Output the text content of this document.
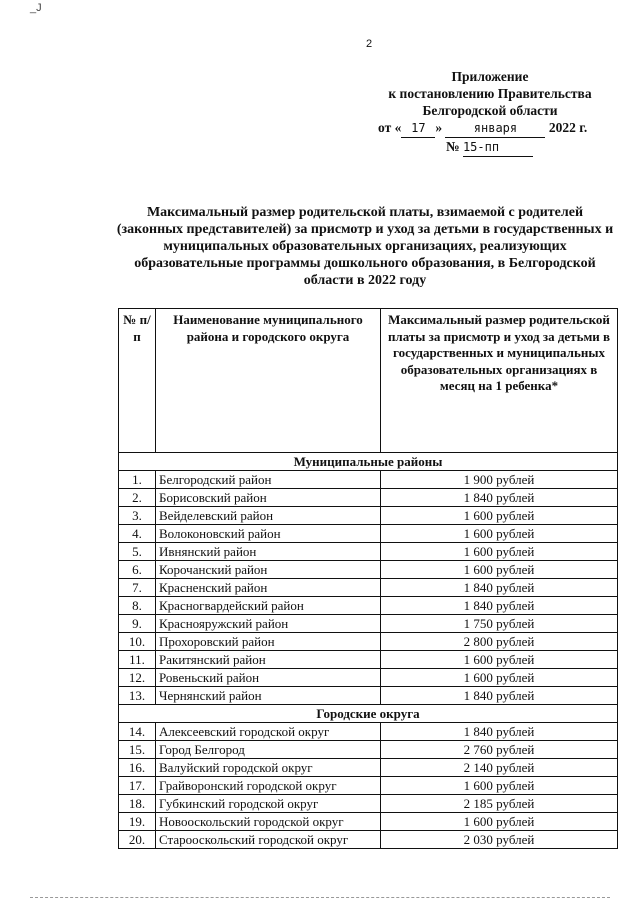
_J
2
Приложение
к постановлению Правительства
Белгородской области
от « 17 »	января 2022 г.
№ 15-пп
Максимальный размер родительской платы, взимаемой с родителей (законных представителей) за присмотр и уход за детьми в государственных и муниципальных образовательных организациях, реализующих образовательные программы дошкольного образования, в Белгородской области в 2022 году
№ п/п	Наименование муниципального района и городского округа	Максимальный размер родительской платы за присмотр и уход за детьми в государственных и муниципальных образовательных организациях в месяц на 1 ребенка*
Муниципальные районы		
1.	Белгородский район	1 900 рублей
2.	Борисовский район	1 840 рублей
3.	Вейделевский район	1 600 рублей
4.	Волоконовский район	1 600 рублей
5.	Ивнянский район	1 600 рублей
6.	Корочанский район	1 600 рублей
7.	Красненский район	1 840 рублей
8.	Красногвардейский район	1 840 рублей
9.	Краснояружский район	1 750 рублей
10.	Прохоровский район	2 800 рублей
11.	Ракитянский район	1 600 рублей
12.	Ровеньский район	1 600 рублей
13.	Чернянский район	1 840 рублей
Городские округа		
14.	Алексеевский городской округ	1 840 рублей
15.	Город Белгород	2 760 рублей
16.	Валуйский городской округ	2 140 рублей
17.	Грайворонский городской округ	1 600 рублей
18.	Губкинский городской округ	2 185 рублей
19.	Новооскольский городской округ	1 600 рублей
20.	Старооскольский городской округ	2 030 рублей
